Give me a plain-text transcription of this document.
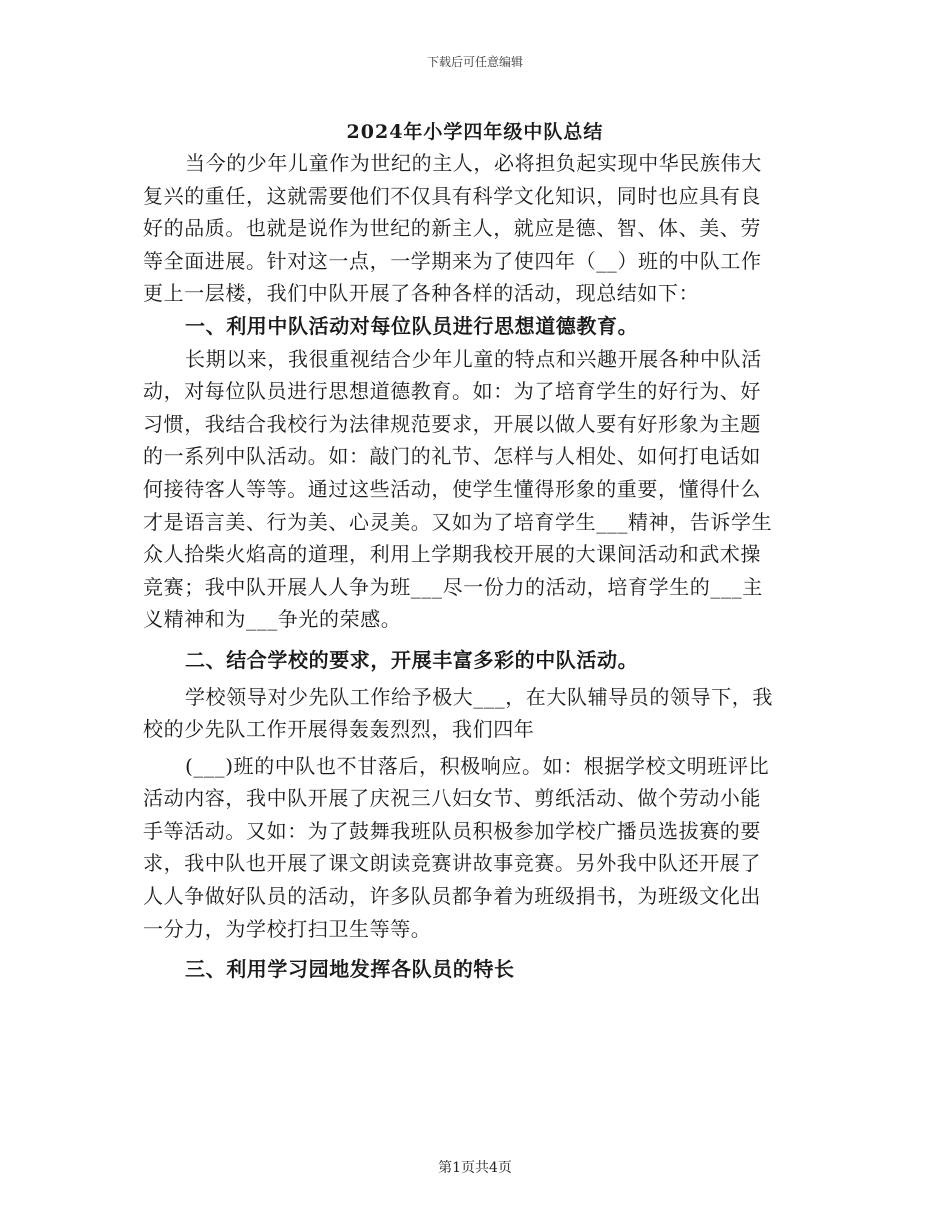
下载后可任意编辑
2024年小学四年级中队总结
当今的少年儿童作为世纪的主人，必将担负起实现中华民族伟大
复兴的重任，这就需要他们不仅具有科学文化知识，同时也应具有良
好的品质。也就是说作为世纪的新主人，就应是德、智、体、美、劳
等全面进展。针对这一点，一学期来为了使四年（__）班的中队工作
更上一层楼，我们中队开展了各种各样的活动，现总结如下：
一、利用中队活动对每位队员进行思想道德教育。
长期以来，我很重视结合少年儿童的特点和兴趣开展各种中队活
动，对每位队员进行思想道德教育。如：为了培育学生的好行为、好
习惯，我结合我校行为法律规范要求，开展以做人要有好形象为主题
的一系列中队活动。如：敲门的礼节、怎样与人相处、如何打电话如
何接待客人等等。通过这些活动，使学生懂得形象的重要，懂得什么
才是语言美、行为美、心灵美。又如为了培育学生___精神，告诉学生
众人拾柴火焰高的道理，利用上学期我校开展的大课间活动和武术操
竞赛；我中队开展人人争为班___尽一份力的活动，培育学生的___主
义精神和为___争光的荣感。
二、结合学校的要求，开展丰富多彩的中队活动。
学校领导对少先队工作给予极大___，在大队辅导员的领导下，我
校的少先队工作开展得轰轰烈烈，我们四年
(___)班的中队也不甘落后，积极响应。如：根据学校文明班评比
活动内容，我中队开展了庆祝三八妇女节、剪纸活动、做个劳动小能
手等活动。又如：为了鼓舞我班队员积极参加学校广播员选拔赛的要
求，我中队也开展了课文朗读竞赛讲故事竞赛。另外我中队还开展了
人人争做好队员的活动，许多队员都争着为班级捐书，为班级文化出
一分力，为学校打扫卫生等等。
三、利用学习园地发挥各队员的特长
第1页共4页
